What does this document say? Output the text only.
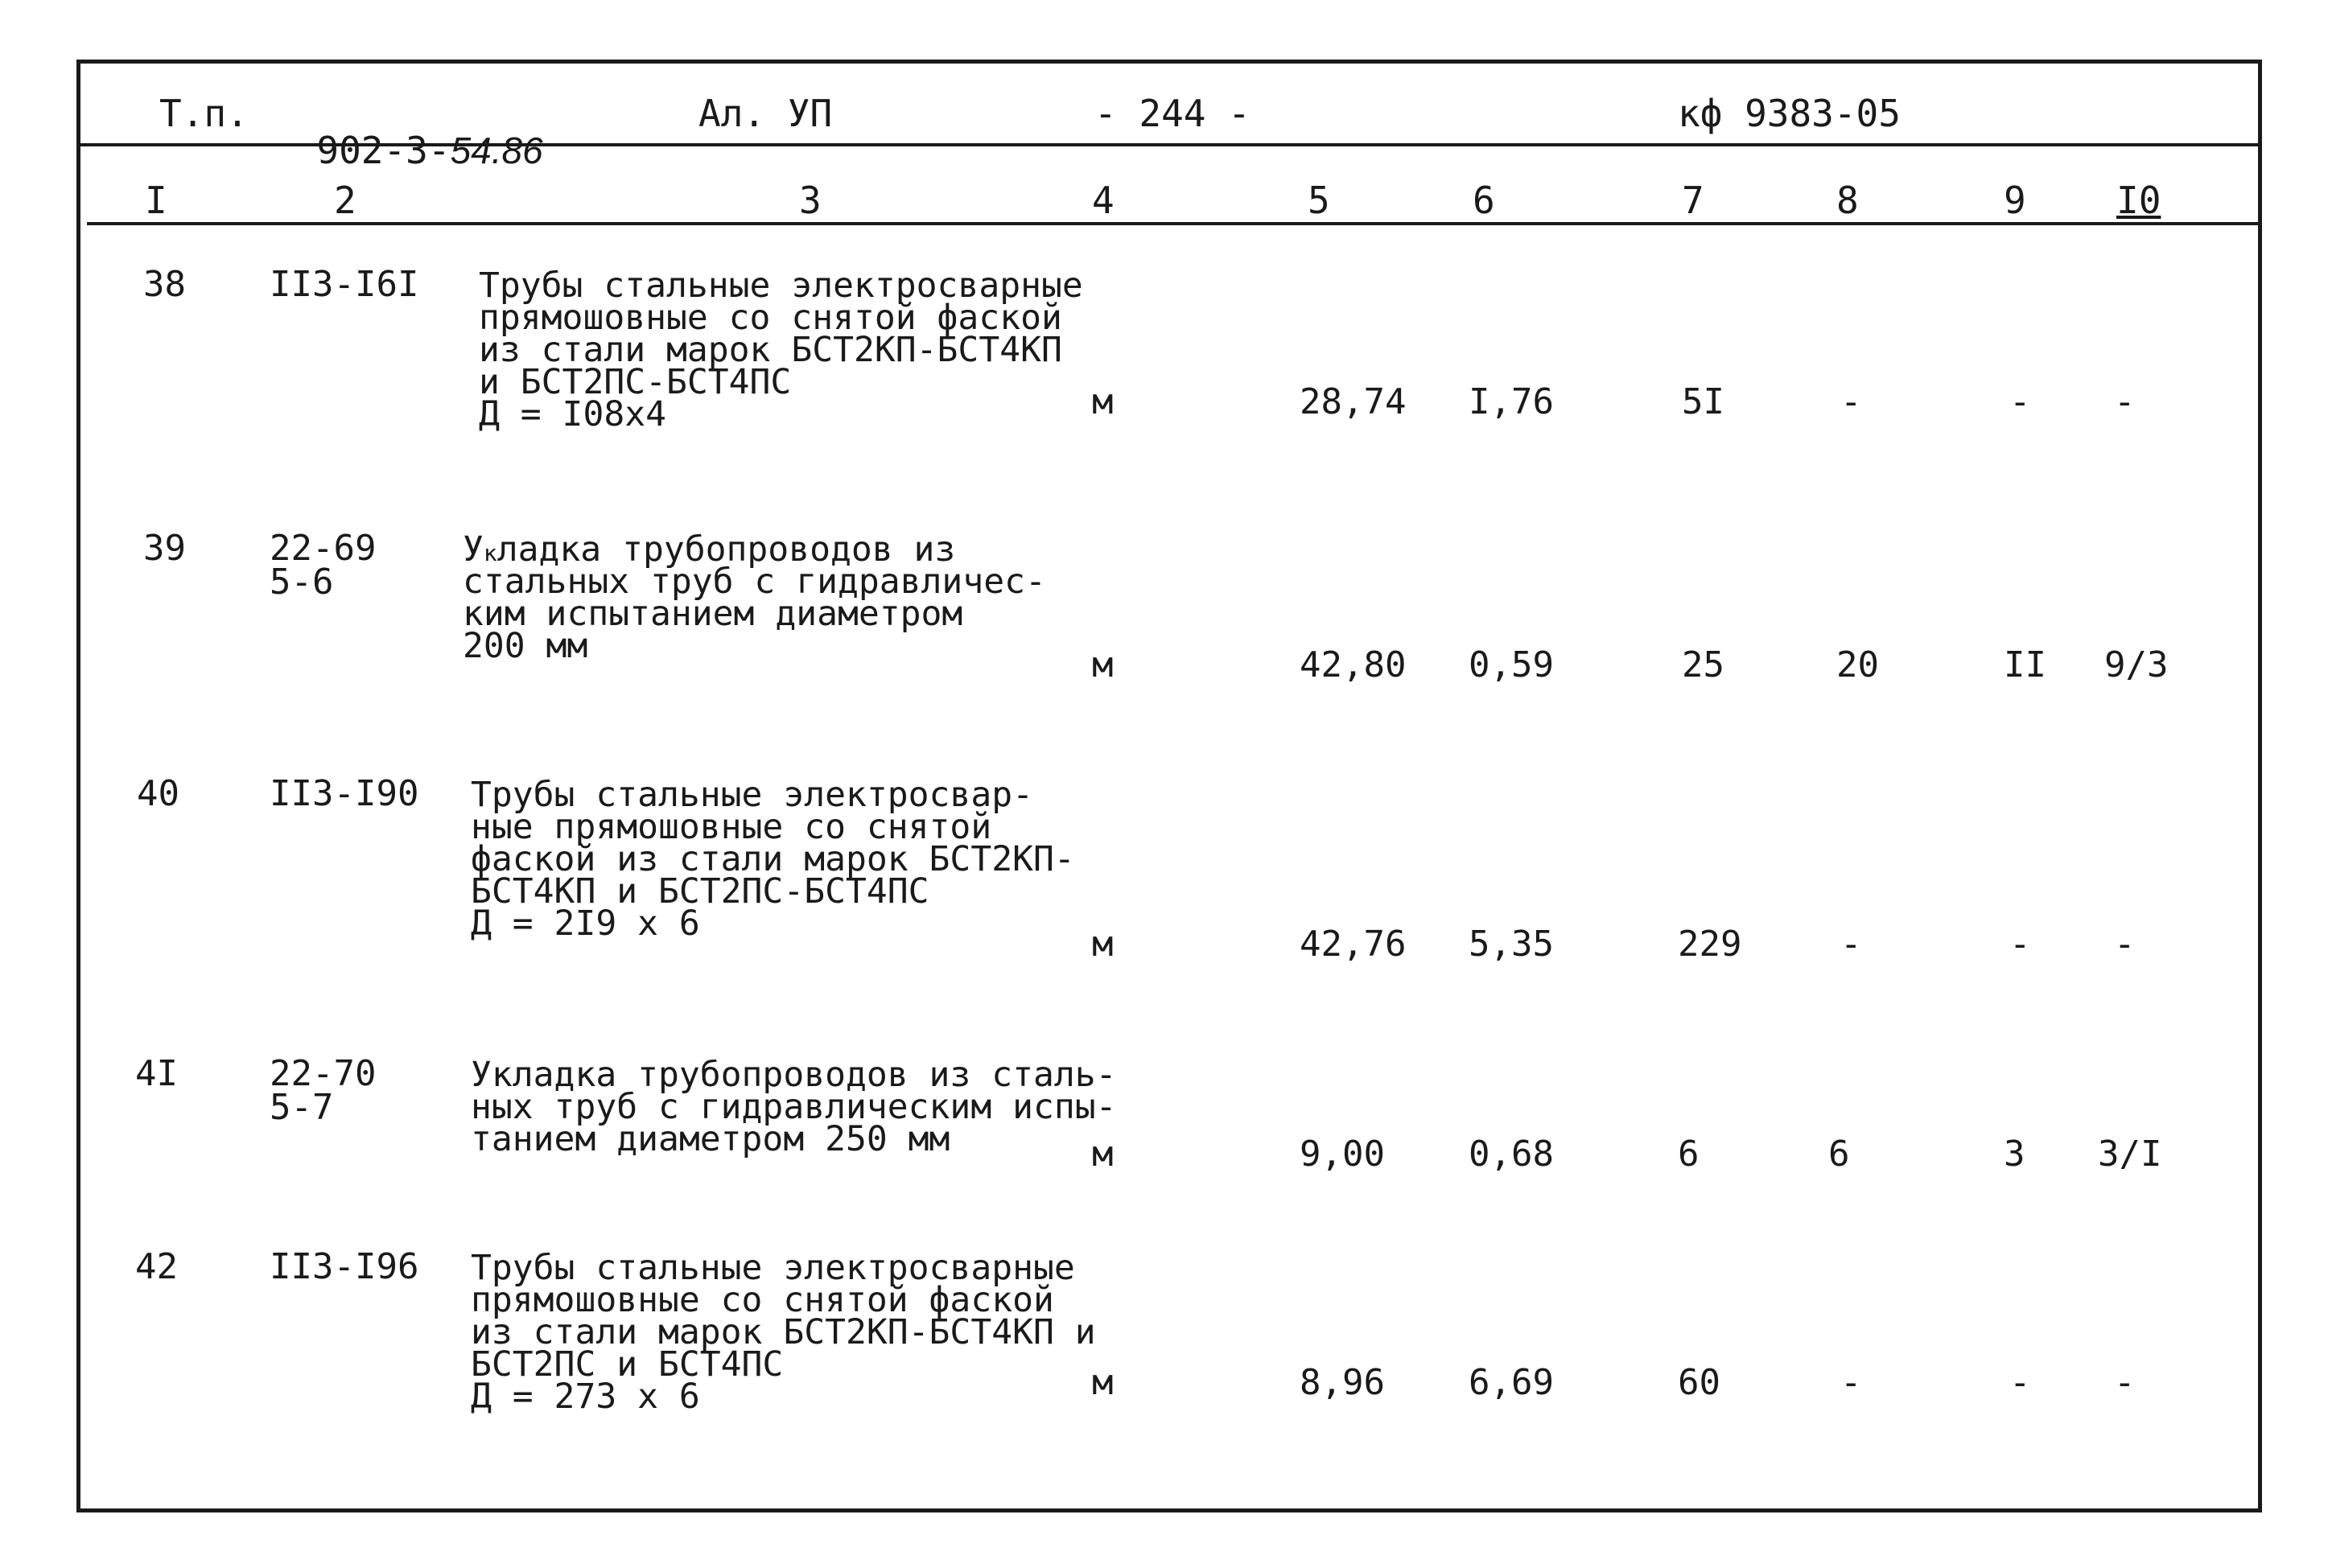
Т.п.

902-3-54.86

Ал. УП	- 244 -	кф 9383-05
I	2	3	4	5	6	7	8	9 I0
38 II3-I6I Трубы стальные электросварные
прямошовные со снятой фаской
из стали марок БСТ2КП-БСТ4КП
и БСТ2ПС-БСТ4ПС
Д = I08х4	м	28,74 I,76	5I	-	- -
39 22-69
5-6
Укладка трубопроводов из
стальных труб с гидравличес-
ким испытанием диаметром
200 мм	м	42,80 0,59	25	20	II 9/3
40	II3-I90 Трубы стальные электросвар-
ные прямошовные со снятой
фаской из стали марок БСТ2КП-
БСТ4КП и БСТ2ПС-БСТ4ПС
Д = 2I9 х 6	м	42,76 5,35	229	-	- -
4I	22-70
5-7
Укладка трубопроводов из сталь-
ных труб с гидравлическим испы-
танием диаметром 250 мм	м	9,00 0,68	6	6	3 3/I
42	II3-I96 Трубы стальные электросварные
прямошовные со снятой фаской
из стали марок БСТ2КП-БСТ4КП и
БСТ2ПС и БСТ4ПС
Д = 273 х 6	м	8,96 6,69	60	-	- -
